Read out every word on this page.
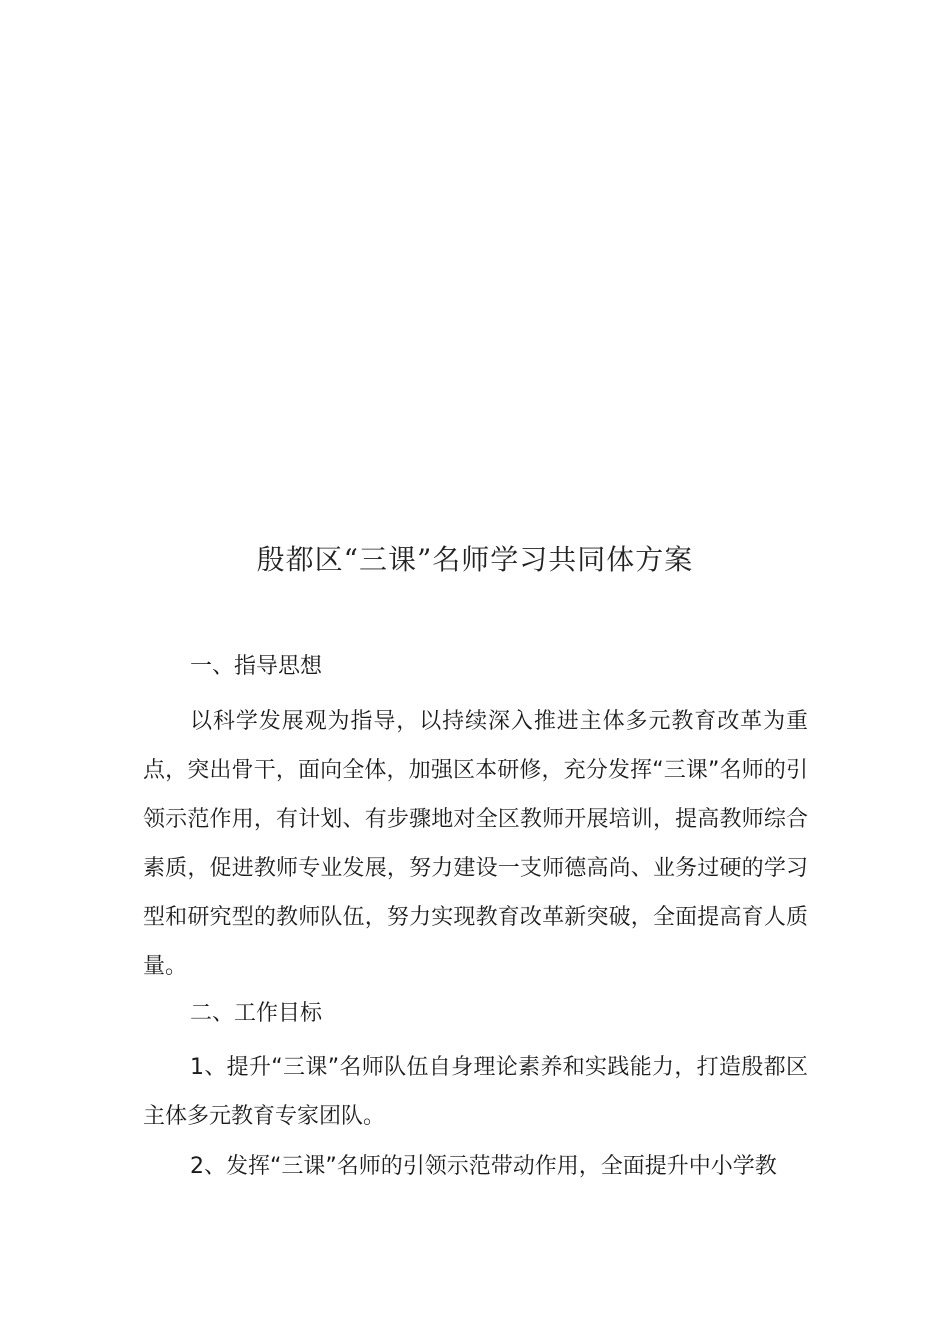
殷都区“三课”名师学习共同体方案
一、指导思想

以科学发展观为指导，以持续深入推进主体多元教育改革为重点，突出骨干，面向全体，加强区本研修，充分发挥“三课”名师的引领示范作用，有计划、有步骤地对全区教师开展培训，提高教师综合素质，促进教师专业发展，努力建设一支师德高尚、业务过硬的学习型和研究型的教师队伍，努力实现教育改革新突破，全面提高育人质量。

二、工作目标

1、提升“三课”名师队伍自身理论素养和实践能力，打造殷都区主体多元教育专家团队。

2、发挥“三课”名师的引领示范带动作用，全面提升中小学教
